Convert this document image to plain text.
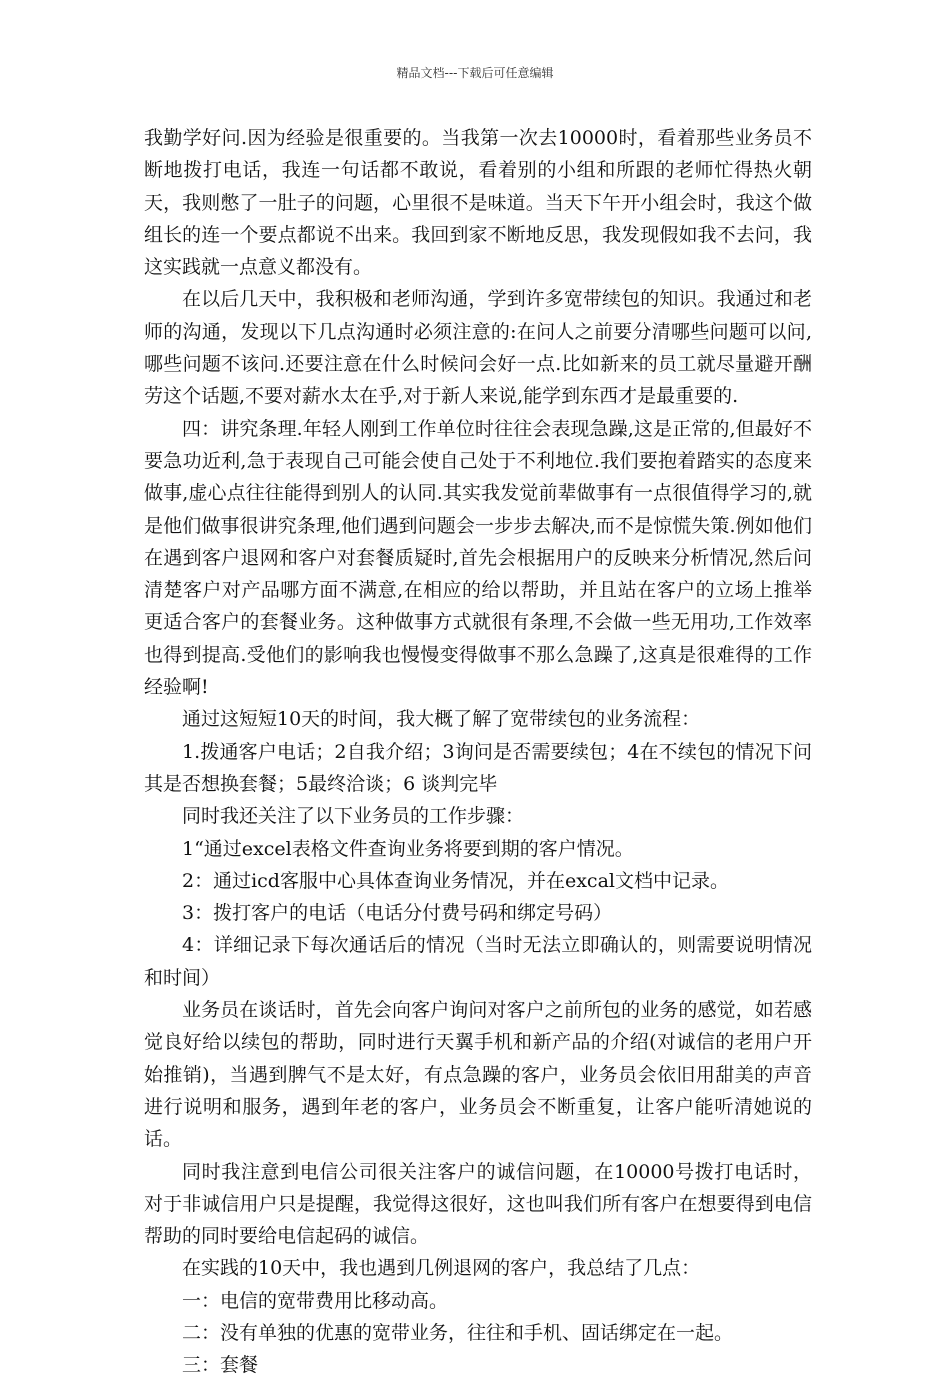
精品文档---下载后可任意编辑

我勤学好问.因为经验是很重要的。当我第一次去10000时，看着那些业务员不断地拨打电话，我连一句话都不敢说，看着别的小组和所跟的老师忙得热火朝天，我则憋了一肚子的问题，心里很不是味道。当天下午开小组会时，我这个做组长的连一个要点都说不出来。我回到家不断地反思，我发现假如我不去问，我这实践就一点意义都没有。

在以后几天中，我积极和老师沟通，学到许多宽带续包的知识。我通过和老师的沟通，发现以下几点沟通时必须注意的:在问人之前要分清哪些问题可以问,哪些问题不该问.还要注意在什么时候问会好一点.比如新来的员工就尽量避开酬劳这个话题,不要对薪水太在乎,对于新人来说,能学到东西才是最重要的.

四：讲究条理.年轻人刚到工作单位时往往会表现急躁,这是正常的,但最好不要急功近利,急于表现自己可能会使自己处于不利地位.我们要抱着踏实的态度来做事,虚心点往往能得到别人的认同.其实我发觉前辈做事有一点很值得学习的,就是他们做事很讲究条理,他们遇到问题会一步步去解决,而不是惊慌失策.例如他们在遇到客户退网和客户对套餐质疑时,首先会根据用户的反映来分析情况,然后问清楚客户对产品哪方面不满意,在相应的给以帮助，并且站在客户的立场上推举更适合客户的套餐业务。这种做事方式就很有条理,不会做一些无用功,工作效率也得到提高.受他们的影响我也慢慢变得做事不那么急躁了,这真是很难得的工作经验啊!

通过这短短10天的时间，我大概了解了宽带续包的业务流程：

1.拨通客户电话；2自我介绍；3询问是否需要续包；4在不续包的情况下问其是否想换套餐；5最终洽谈；6 谈判完毕

同时我还关注了以下业务员的工作步骤：

1“通过excel表格文件查询业务将要到期的客户情况。

2：通过icd客服中心具体查询业务情况，并在excal文档中记录。

3：拨打客户的电话（电话分付费号码和绑定号码）

4：详细记录下每次通话后的情况（当时无法立即确认的，则需要说明情况和时间）

业务员在谈话时，首先会向客户询问对客户之前所包的业务的感觉，如若感觉良好给以续包的帮助，同时进行天翼手机和新产品的介绍(对诚信的老用户开始推销)，当遇到脾气不是太好，有点急躁的客户，业务员会依旧用甜美的声音进行说明和服务，遇到年老的客户，业务员会不断重复，让客户能听清她说的话。

同时我注意到电信公司很关注客户的诚信问题，在10000号拨打电话时，对于非诚信用户只是提醒，我觉得这很好，这也叫我们所有客户在想要得到电信帮助的同时要给电信起码的诚信。

在实践的10天中，我也遇到几例退网的客户，我总结了几点：

一：电信的宽带费用比移动高。

二：没有单独的优惠的宽带业务，往往和手机、固话绑定在一起。

三：套餐
